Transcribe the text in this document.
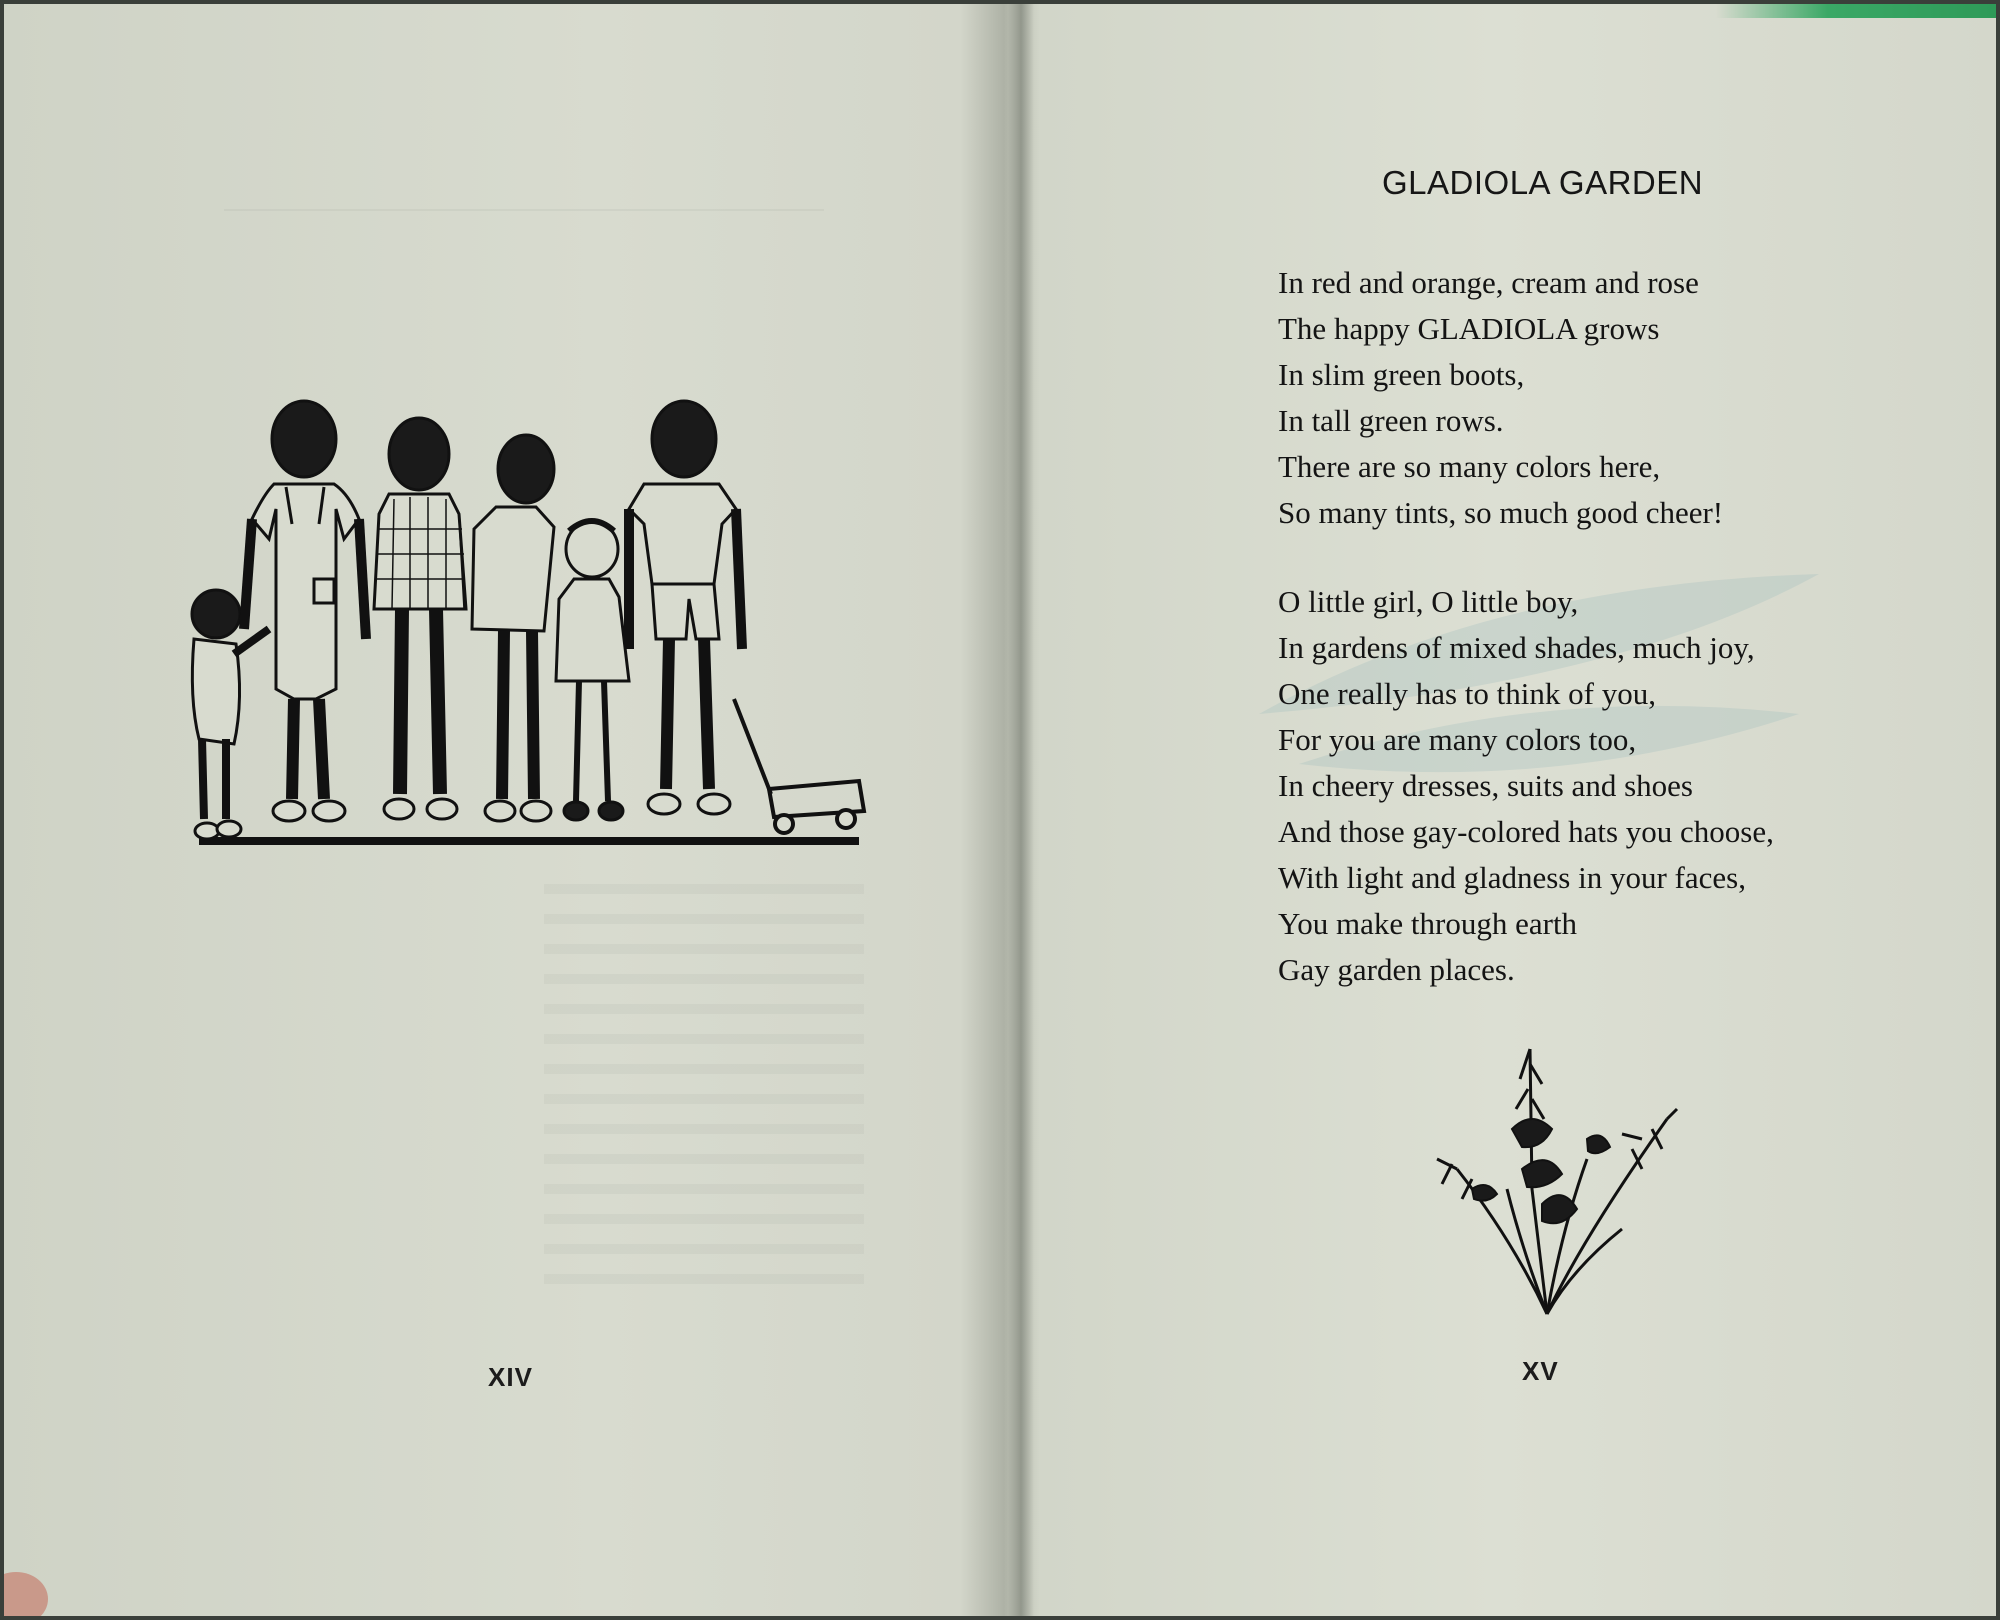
XIV
GLADIOLA GARDEN
In red and orange, cream and rose
The happy GLADIOLA grows
In slim green boots,
In tall green rows.
There are so many colors here,
So many tints, so much good cheer!
O little girl, O little boy,
In gardens of mixed shades, much joy,
One really has to think of you,
For you are many colors too,
In cheery dresses, suits and shoes
And those gay-colored hats you choose,
With light and gladness in your faces,
You make through earth
Gay garden places.
XV
